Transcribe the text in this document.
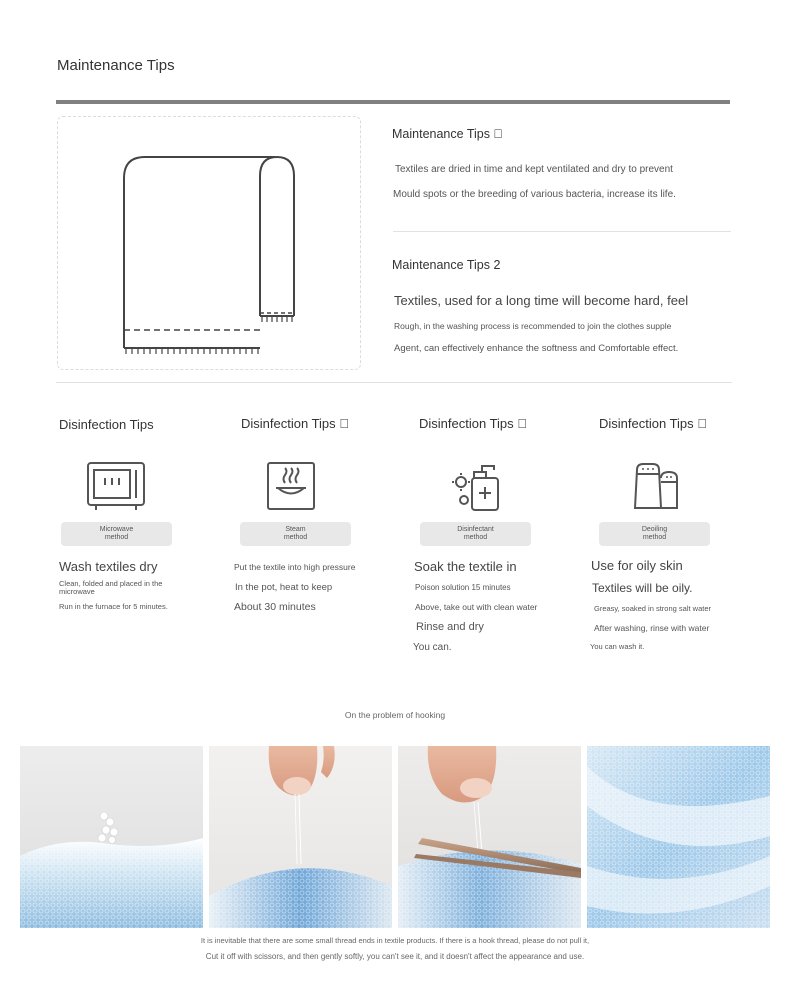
Maintenance Tips
Maintenance Tips ⃞
Textiles are dried in time and kept ventilated and dry to prevent
Mould spots or the breeding of various bacteria, increase its life.
Maintenance Tips 2
Textiles, used for a long time will become hard, feel
Rough, in the washing process is recommended to join the clothes supple
Agent, can effectively enhance the softness and Comfortable effect.
Disinfection Tips
Microwave
method
Wash textiles dry
Clean, folded and placed in the
microwave
Run in the furnace for 5 minutes.
Disinfection Tips ⃞
Steam
method
Put the textile into high pressure
In the pot, heat to keep
About 30 minutes
Disinfection Tips ⃞
Disinfectant
method
Soak the textile in
Poison solution 15 minutes
Above, take out with clean water
Rinse and dry
You can.
Disinfection Tips ⃞
Deoiling
method
Use for oily skin
Textiles will be oily.
Greasy, soaked in strong salt water
After washing, rinse with water
You can wash it.
On the problem of hooking
It is inevitable that there are some small thread ends in textile products. If there is a hook thread, please do not pull it,
Cut it off with scissors, and then gently softly, you can't see it, and it doesn't affect the appearance and use.
